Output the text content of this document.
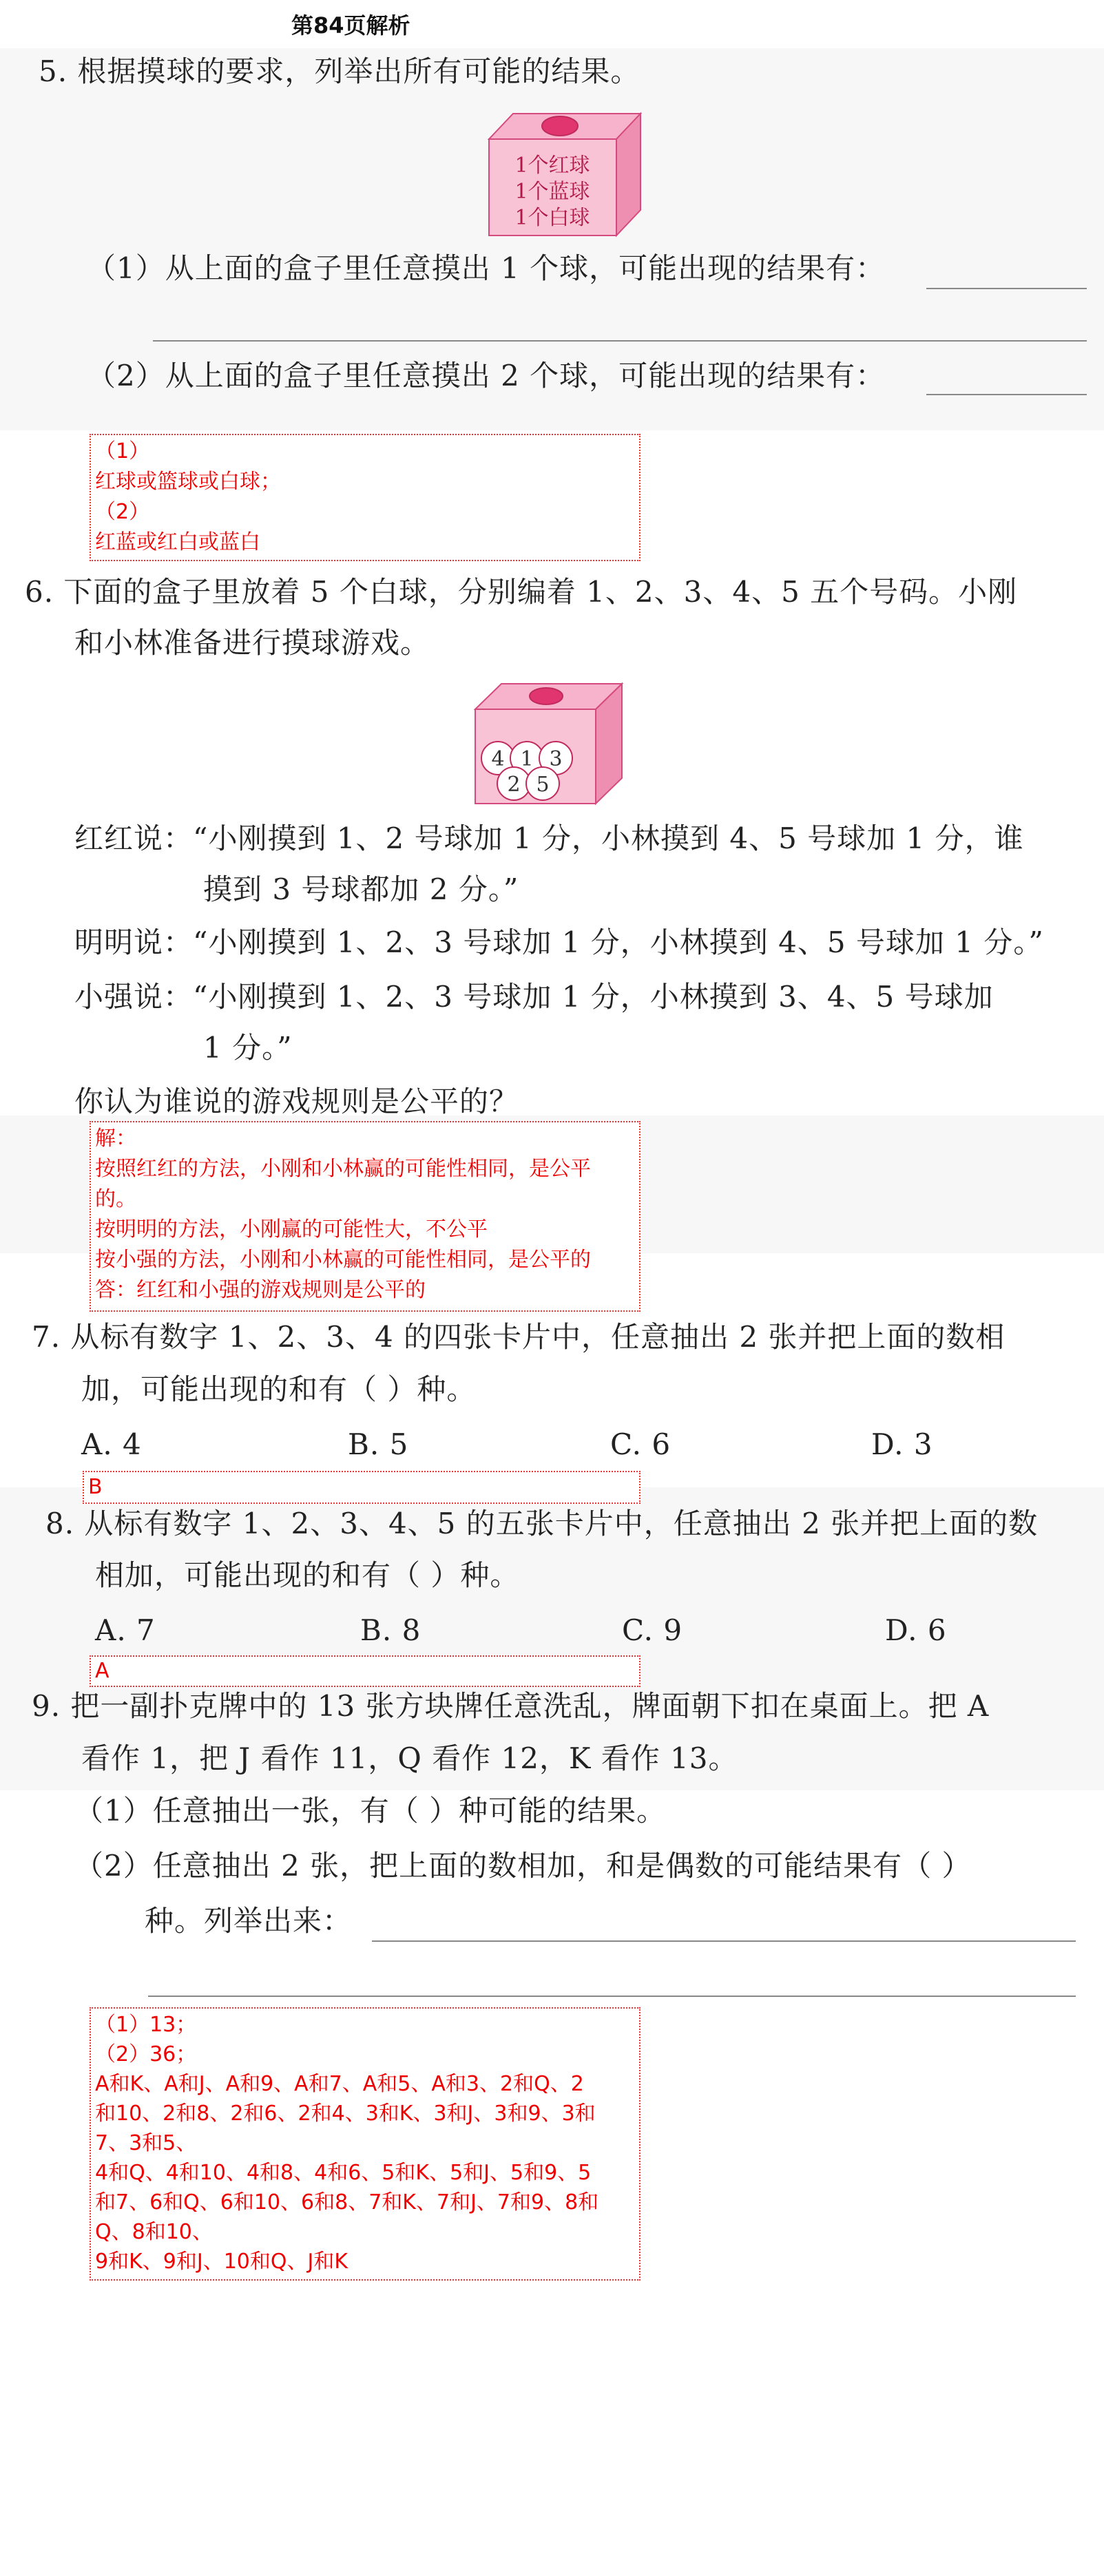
第84页解析
5. 根据摸球的要求，列举出所有可能的结果。
1个红球
1个蓝球
1个白球
（1）从上面的盒子里任意摸出 1 个球，可能出现的结果有：
（2）从上面的盒子里任意摸出 2 个球，可能出现的结果有：
（1）
红球或篮球或白球；
（2）
红蓝或红白或蓝白
6. 下面的盒子里放着 5 个白球，分别编着 1、2、3、4、5 五个号码。小刚
和小林准备进行摸球游戏。
4 1 3
2 5
红红说：“小刚摸到 1、2 号球加 1 分，小林摸到 4、5 号球加 1 分，谁
摸到 3 号球都加 2 分。”
明明说：“小刚摸到 1、2、3 号球加 1 分，小林摸到 4、5 号球加 1 分。”
小强说：“小刚摸到 1、2、3 号球加 1 分，小林摸到 3、4、5 号球加
1 分。”
你认为谁说的游戏规则是公平的？
解：
按照红红的方法，小刚和小林赢的可能性相同，是公平
的。
按明明的方法，小刚赢的可能性大，不公平
按小强的方法，小刚和小林赢的可能性相同，是公平的
答：红红和小强的游戏规则是公平的
7. 从标有数字 1、2、3、4 的四张卡片中，任意抽出 2 张并把上面的数相
加，可能出现的和有（ ）种。
A. 4	B. 5	C. 6	D. 3
B
8. 从标有数字 1、2、3、4、5 的五张卡片中，任意抽出 2 张并把上面的数
相加，可能出现的和有（ ）种。
A. 7	B. 8	C. 9	D. 6
A
9. 把一副扑克牌中的 13 张方块牌任意洗乱，牌面朝下扣在桌面上。把 A
看作 1，把 J 看作 11，Q 看作 12，K 看作 13。
（1）任意抽出一张，有（ ）种可能的结果。
（2）任意抽出 2 张，把上面的数相加，和是偶数的可能结果有（ ）
种。列举出来：
（1）13；
（2）36；
A和K、A和J、A和9、A和7、A和5、A和3、2和Q、2
和10、2和8、2和6、2和4、3和K、3和J、3和9、3和
7、3和5、
4和Q、4和10、4和8、4和6、5和K、5和J、5和9、5
和7、6和Q、6和10、6和8、7和K、7和J、7和9、8和
Q、8和10、
9和K、9和J、10和Q、J和K
